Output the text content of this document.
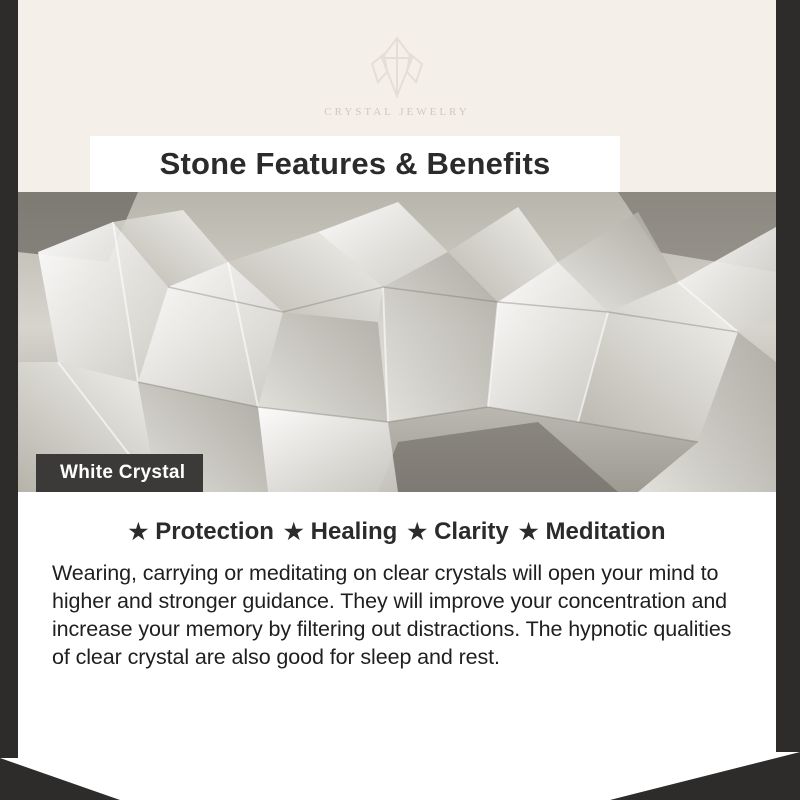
CRYSTAL JEWELRY
Stone Features & Benefits
White Crystal
★ Protection ★ Healing ★ Clarity ★ Meditation

Wearing, carrying or meditating on clear crystals will open your mind to higher and stronger guidance. They will improve your concentration and increase your memory by filtering out distractions. The hypnotic qualities of clear crystal are also good for sleep and rest.
